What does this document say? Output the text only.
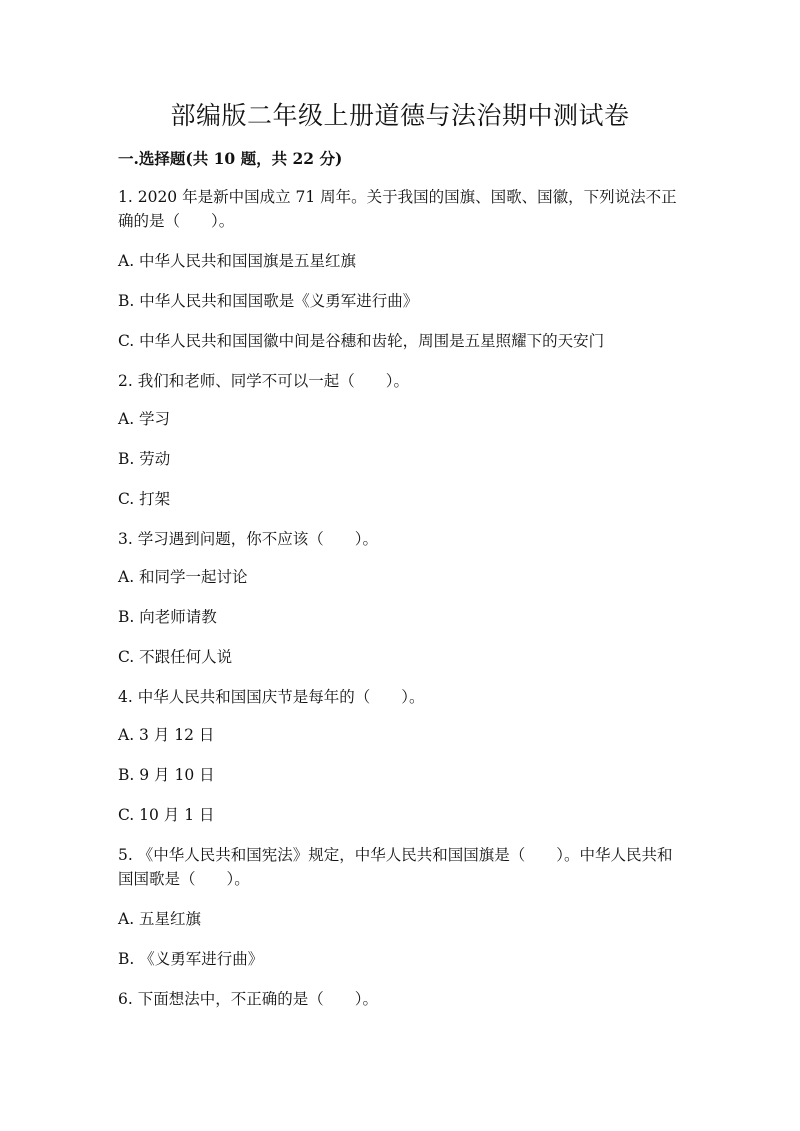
部编版二年级上册道德与法治期中测试卷
一.选择题(共 10 题，共 22 分)

1. 2020 年是新中国成立 71 周年。关于我国的国旗、国歌、国徽，下列说法不正确的是（　　）。

A. 中华人民共和国国旗是五星红旗

B. 中华人民共和国国歌是《义勇军进行曲》

C. 中华人民共和国国徽中间是谷穗和齿轮，周围是五星照耀下的天安门

2. 我们和老师、同学不可以一起（　　）。

A. 学习

B. 劳动

C. 打架

3. 学习遇到问题，你不应该（　　）。

A. 和同学一起讨论

B. 向老师请教

C. 不跟任何人说

4. 中华人民共和国国庆节是每年的（　　）。

A. 3 月 12 日

B. 9 月 10 日

C. 10 月 1 日

5. 《中华人民共和国宪法》规定，中华人民共和国国旗是（　　）。中华人民共和国国歌是（　　）。

A. 五星红旗

B. 《义勇军进行曲》

6. 下面想法中，不正确的是（　　）。
